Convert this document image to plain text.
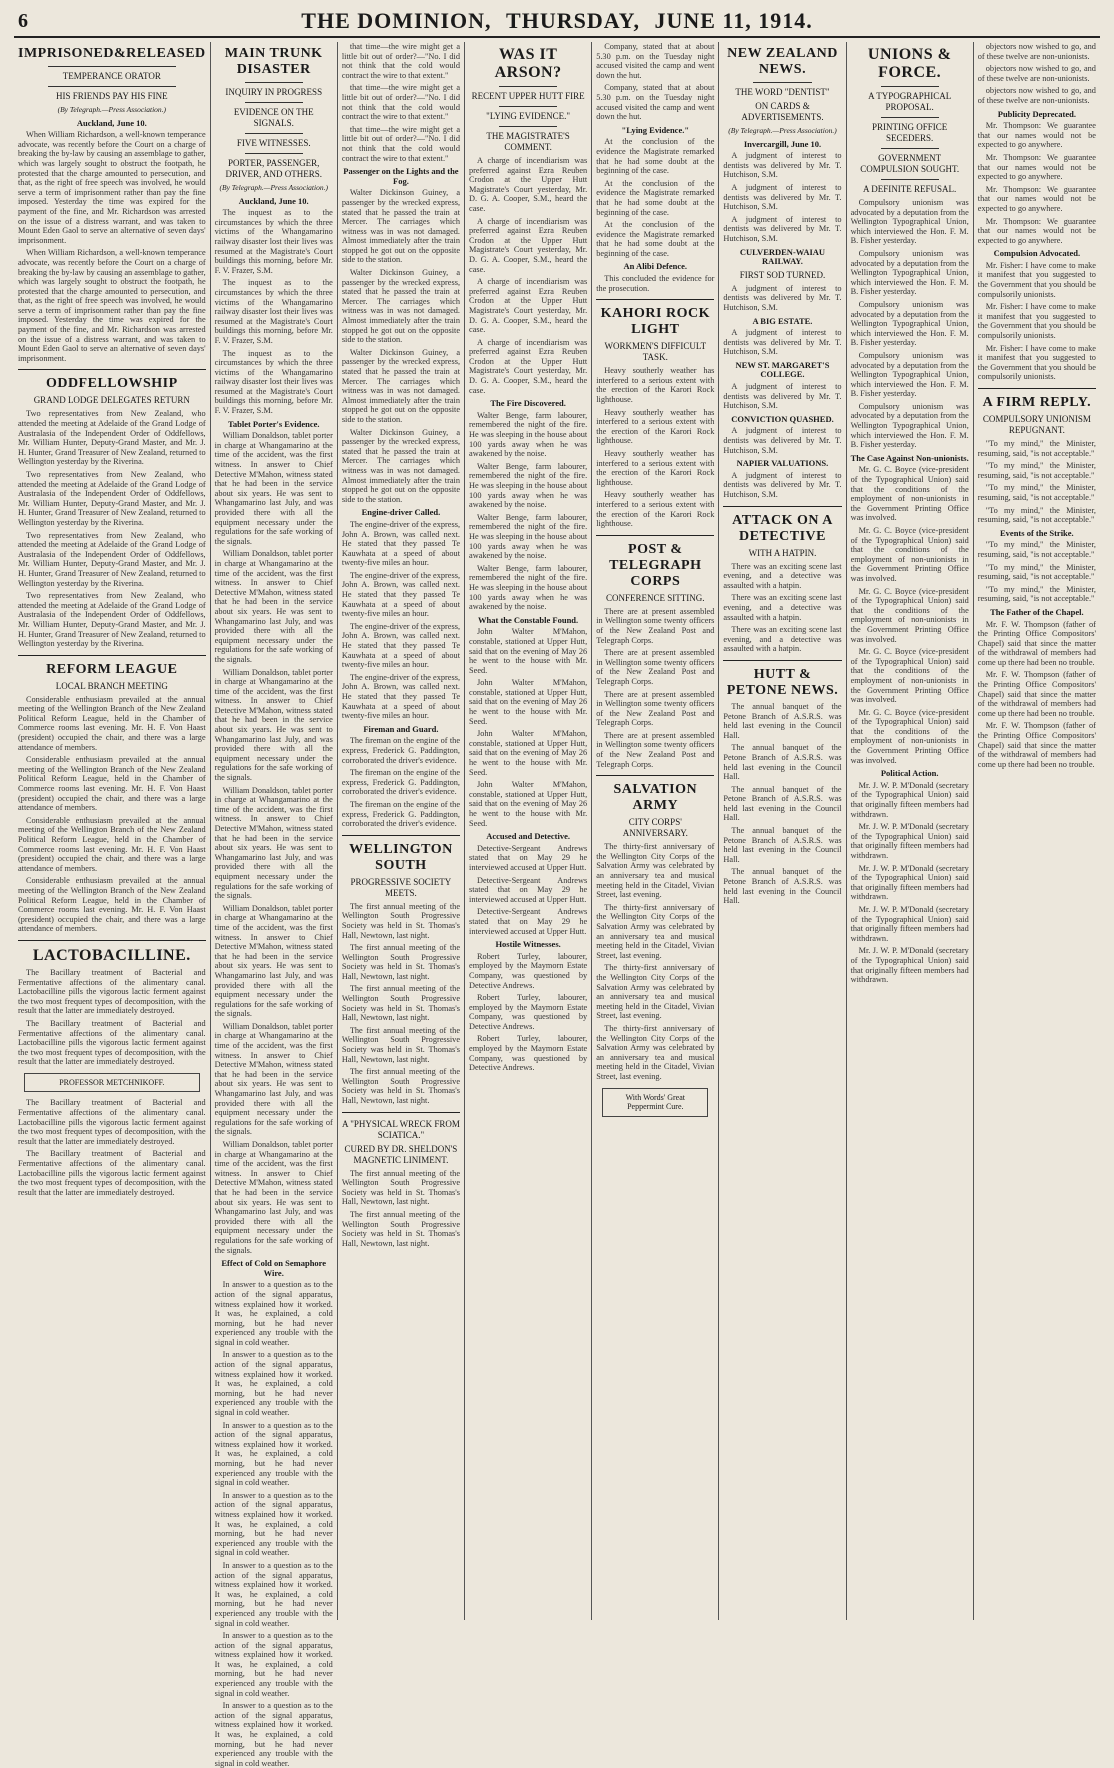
6	THE DOMINION, THURSDAY, JUNE 11, 1914.
IMPRISONED&RELEASED
TEMPERANCE ORATOR
HIS FRIENDS PAY HIS FINE
(By Telegraph.—Press Association.)
Auckland, June 10.

When William Richardson, a well-known temperance advocate, was recently before the Court on a charge of breaking the by-law by causing an assemblage to gather, which was largely sought to obstruct the footpath, he protested that the charge amounted to persecution, and that, as the right of free speech was involved, he would serve a term of imprisonment rather than pay the fine imposed. Yesterday the time was expired for the payment of the fine, and Mr. Richardson was arrested on the issue of a distress warrant, and was taken to Mount Eden Gaol to serve an alternative of seven days' imprisonment.

When William Richardson, a well-known temperance advocate, was recently before the Court on a charge of breaking the by-law by causing an assemblage to gather, which was largely sought to obstruct the footpath, he protested that the charge amounted to persecution, and that, as the right of free speech was involved, he would serve a term of imprisonment rather than pay the fine imposed. Yesterday the time was expired for the payment of the fine, and Mr. Richardson was arrested on the issue of a distress warrant, and was taken to Mount Eden Gaol to serve an alternative of seven days' imprisonment.

ODDFELLOWSHIP
GRAND LODGE DELEGATES RETURN

Two representatives from New Zealand, who attended the meeting at Adelaide of the Grand Lodge of Australasia of the Independent Order of Oddfellows, Mr. William Hunter, Deputy-Grand Master, and Mr. J. H. Hunter, Grand Treasurer of New Zealand, returned to Wellington yesterday by the Riverina.

Two representatives from New Zealand, who attended the meeting at Adelaide of the Grand Lodge of Australasia of the Independent Order of Oddfellows, Mr. William Hunter, Deputy-Grand Master, and Mr. J. H. Hunter, Grand Treasurer of New Zealand, returned to Wellington yesterday by the Riverina.

Two representatives from New Zealand, who attended the meeting at Adelaide of the Grand Lodge of Australasia of the Independent Order of Oddfellows, Mr. William Hunter, Deputy-Grand Master, and Mr. J. H. Hunter, Grand Treasurer of New Zealand, returned to Wellington yesterday by the Riverina.

Two representatives from New Zealand, who attended the meeting at Adelaide of the Grand Lodge of Australasia of the Independent Order of Oddfellows, Mr. William Hunter, Deputy-Grand Master, and Mr. J. H. Hunter, Grand Treasurer of New Zealand, returned to Wellington yesterday by the Riverina.

REFORM LEAGUE
LOCAL BRANCH MEETING

Considerable enthusiasm prevailed at the annual meeting of the Wellington Branch of the New Zealand Political Reform League, held in the Chamber of Commerce rooms last evening. Mr. H. F. Von Haast (president) occupied the chair, and there was a large attendance of members.

Considerable enthusiasm prevailed at the annual meeting of the Wellington Branch of the New Zealand Political Reform League, held in the Chamber of Commerce rooms last evening. Mr. H. F. Von Haast (president) occupied the chair, and there was a large attendance of members.

Considerable enthusiasm prevailed at the annual meeting of the Wellington Branch of the New Zealand Political Reform League, held in the Chamber of Commerce rooms last evening. Mr. H. F. Von Haast (president) occupied the chair, and there was a large attendance of members.

Considerable enthusiasm prevailed at the annual meeting of the Wellington Branch of the New Zealand Political Reform League, held in the Chamber of Commerce rooms last evening. Mr. H. F. Von Haast (president) occupied the chair, and there was a large attendance of members.

LACTOBACILLINE.

The Bacillary treatment of Bacterial and Fermentative affections of the alimentary canal. Lactobacilline pills the vigorous lactic ferment against the two most frequent types of decomposition, with the result that the latter are immediately destroyed.

The Bacillary treatment of Bacterial and Fermentative affections of the alimentary canal. Lactobacilline pills the vigorous lactic ferment against the two most frequent types of decomposition, with the result that the latter are immediately destroyed.

PROFESSOR METCHNIKOFF.

The Bacillary treatment of Bacterial and Fermentative affections of the alimentary canal. Lactobacilline pills the vigorous lactic ferment against the two most frequent types of decomposition, with the result that the latter are immediately destroyed.

The Bacillary treatment of Bacterial and Fermentative affections of the alimentary canal. Lactobacilline pills the vigorous lactic ferment against the two most frequent types of decomposition, with the result that the latter are immediately destroyed.

MAIN TRUNK DISASTER
INQUIRY IN PROGRESS
EVIDENCE ON THE SIGNALS.
FIVE WITNESSES.
PORTER, PASSENGER, DRIVER, AND OTHERS.
(By Telegraph.—Press Association.)
Auckland, June 10.

The inquest as to the circumstances by which the three victims of the Whangamarino railway disaster lost their lives was resumed at the Magistrate's Court buildings this morning, before Mr. F. V. Frazer, S.M.

The inquest as to the circumstances by which the three victims of the Whangamarino railway disaster lost their lives was resumed at the Magistrate's Court buildings this morning, before Mr. F. V. Frazer, S.M.

The inquest as to the circumstances by which the three victims of the Whangamarino railway disaster lost their lives was resumed at the Magistrate's Court buildings this morning, before Mr. F. V. Frazer, S.M.

Tablet Porter's Evidence.

William Donaldson, tablet porter in charge at Whangamarino at the time of the accident, was the first witness. In answer to Chief Detective M'Mahon, witness stated that he had been in the service about six years. He was sent to Whangamarino last July, and was provided there with all the equipment necessary under the regulations for the safe working of the signals.

William Donaldson, tablet porter in charge at Whangamarino at the time of the accident, was the first witness. In answer to Chief Detective M'Mahon, witness stated that he had been in the service about six years. He was sent to Whangamarino last July, and was provided there with all the equipment necessary under the regulations for the safe working of the signals.

William Donaldson, tablet porter in charge at Whangamarino at the time of the accident, was the first witness. In answer to Chief Detective M'Mahon, witness stated that he had been in the service about six years. He was sent to Whangamarino last July, and was provided there with all the equipment necessary under the regulations for the safe working of the signals.

William Donaldson, tablet porter in charge at Whangamarino at the time of the accident, was the first witness. In answer to Chief Detective M'Mahon, witness stated that he had been in the service about six years. He was sent to Whangamarino last July, and was provided there with all the equipment necessary under the regulations for the safe working of the signals.

William Donaldson, tablet porter in charge at Whangamarino at the time of the accident, was the first witness. In answer to Chief Detective M'Mahon, witness stated that he had been in the service about six years. He was sent to Whangamarino last July, and was provided there with all the equipment necessary under the regulations for the safe working of the signals.

William Donaldson, tablet porter in charge at Whangamarino at the time of the accident, was the first witness. In answer to Chief Detective M'Mahon, witness stated that he had been in the service about six years. He was sent to Whangamarino last July, and was provided there with all the equipment necessary under the regulations for the safe working of the signals.

William Donaldson, tablet porter in charge at Whangamarino at the time of the accident, was the first witness. In answer to Chief Detective M'Mahon, witness stated that he had been in the service about six years. He was sent to Whangamarino last July, and was provided there with all the equipment necessary under the regulations for the safe working of the signals.

Effect of Cold on Semaphore Wire.

In answer to a question as to the action of the signal apparatus, witness explained how it worked. It was, he explained, a cold morning, but he had never experienced any trouble with the signal in cold weather.

In answer to a question as to the action of the signal apparatus, witness explained how it worked. It was, he explained, a cold morning, but he had never experienced any trouble with the signal in cold weather.

In answer to a question as to the action of the signal apparatus, witness explained how it worked. It was, he explained, a cold morning, but he had never experienced any trouble with the signal in cold weather.

In answer to a question as to the action of the signal apparatus, witness explained how it worked. It was, he explained, a cold morning, but he had never experienced any trouble with the signal in cold weather.

In answer to a question as to the action of the signal apparatus, witness explained how it worked. It was, he explained, a cold morning, but he had never experienced any trouble with the signal in cold weather.

In answer to a question as to the action of the signal apparatus, witness explained how it worked. It was, he explained, a cold morning, but he had never experienced any trouble with the signal in cold weather.

In answer to a question as to the action of the signal apparatus, witness explained how it worked. It was, he explained, a cold morning, but he had never experienced any trouble with the signal in cold weather.

that time—the wire might get a little bit out of order?—"No. I did not think that the cold would contract the wire to that extent."

that time—the wire might get a little bit out of order?—"No. I did not think that the cold would contract the wire to that extent."

that time—the wire might get a little bit out of order?—"No. I did not think that the cold would contract the wire to that extent."

Passenger on the Lights and the Fog.

Walter Dickinson Guiney, a passenger by the wrecked express, stated that he passed the train at Mercer. The carriages which witness was in was not damaged. Almost immediately after the train stopped he got out on the opposite side to the station.

Walter Dickinson Guiney, a passenger by the wrecked express, stated that he passed the train at Mercer. The carriages which witness was in was not damaged. Almost immediately after the train stopped he got out on the opposite side to the station.

Walter Dickinson Guiney, a passenger by the wrecked express, stated that he passed the train at Mercer. The carriages which witness was in was not damaged. Almost immediately after the train stopped he got out on the opposite side to the station.

Walter Dickinson Guiney, a passenger by the wrecked express, stated that he passed the train at Mercer. The carriages which witness was in was not damaged. Almost immediately after the train stopped he got out on the opposite side to the station.

Engine-driver Called.

The engine-driver of the express, John A. Brown, was called next. He stated that they passed Te Kauwhata at a speed of about twenty-five miles an hour.

The engine-driver of the express, John A. Brown, was called next. He stated that they passed Te Kauwhata at a speed of about twenty-five miles an hour.

The engine-driver of the express, John A. Brown, was called next. He stated that they passed Te Kauwhata at a speed of about twenty-five miles an hour.

The engine-driver of the express, John A. Brown, was called next. He stated that they passed Te Kauwhata at a speed of about twenty-five miles an hour.

Fireman and Guard.

The fireman on the engine of the express, Frederick G. Paddington, corroborated the driver's evidence.

The fireman on the engine of the express, Frederick G. Paddington, corroborated the driver's evidence.

The fireman on the engine of the express, Frederick G. Paddington, corroborated the driver's evidence.

WELLINGTON SOUTH
PROGRESSIVE SOCIETY MEETS.

The first annual meeting of the Wellington South Progressive Society was held in St. Thomas's Hall, Newtown, last night.

The first annual meeting of the Wellington South Progressive Society was held in St. Thomas's Hall, Newtown, last night.

The first annual meeting of the Wellington South Progressive Society was held in St. Thomas's Hall, Newtown, last night.

The first annual meeting of the Wellington South Progressive Society was held in St. Thomas's Hall, Newtown, last night.

The first annual meeting of the Wellington South Progressive Society was held in St. Thomas's Hall, Newtown, last night.

A "PHYSICAL WRECK FROM SCIATICA."
CURED BY DR. SHELDON'S MAGNETIC LINIMENT.

The first annual meeting of the Wellington South Progressive Society was held in St. Thomas's Hall, Newtown, last night.

The first annual meeting of the Wellington South Progressive Society was held in St. Thomas's Hall, Newtown, last night.

WAS IT ARSON?
RECENT UPPER HUTT FIRE
"LYING EVIDENCE."
THE MAGISTRATE'S COMMENT.

A charge of incendiarism was preferred against Ezra Reuben Crodon at the Upper Hutt Magistrate's Court yesterday, Mr. D. G. A. Cooper, S.M., heard the case.

A charge of incendiarism was preferred against Ezra Reuben Crodon at the Upper Hutt Magistrate's Court yesterday, Mr. D. G. A. Cooper, S.M., heard the case.

A charge of incendiarism was preferred against Ezra Reuben Crodon at the Upper Hutt Magistrate's Court yesterday, Mr. D. G. A. Cooper, S.M., heard the case.

A charge of incendiarism was preferred against Ezra Reuben Crodon at the Upper Hutt Magistrate's Court yesterday, Mr. D. G. A. Cooper, S.M., heard the case.

The Fire Discovered.

Walter Benge, farm labourer, remembered the night of the fire. He was sleeping in the house about 100 yards away when he was awakened by the noise.

Walter Benge, farm labourer, remembered the night of the fire. He was sleeping in the house about 100 yards away when he was awakened by the noise.

Walter Benge, farm labourer, remembered the night of the fire. He was sleeping in the house about 100 yards away when he was awakened by the noise.

Walter Benge, farm labourer, remembered the night of the fire. He was sleeping in the house about 100 yards away when he was awakened by the noise.

What the Constable Found.

John Walter M'Mahon, constable, stationed at Upper Hutt, said that on the evening of May 26 he went to the house with Mr. Seed.

John Walter M'Mahon, constable, stationed at Upper Hutt, said that on the evening of May 26 he went to the house with Mr. Seed.

John Walter M'Mahon, constable, stationed at Upper Hutt, said that on the evening of May 26 he went to the house with Mr. Seed.

John Walter M'Mahon, constable, stationed at Upper Hutt, said that on the evening of May 26 he went to the house with Mr. Seed.

Accused and Detective.

Detective-Sergeant Andrews stated that on May 29 he interviewed accused at Upper Hutt.

Detective-Sergeant Andrews stated that on May 29 he interviewed accused at Upper Hutt.

Detective-Sergeant Andrews stated that on May 29 he interviewed accused at Upper Hutt.

Hostile Witnesses.

Robert Turley, labourer, employed by the Maymorn Estate Company, was questioned by Detective Andrews.

Robert Turley, labourer, employed by the Maymorn Estate Company, was questioned by Detective Andrews.

Robert Turley, labourer, employed by the Maymorn Estate Company, was questioned by Detective Andrews.

Company, stated that at about 5.30 p.m. on the Tuesday night accused visited the camp and went down the hut.

Company, stated that at about 5.30 p.m. on the Tuesday night accused visited the camp and went down the hut.

"Lying Evidence."

At the conclusion of the evidence the Magistrate remarked that he had some doubt at the beginning of the case.

At the conclusion of the evidence the Magistrate remarked that he had some doubt at the beginning of the case.

At the conclusion of the evidence the Magistrate remarked that he had some doubt at the beginning of the case.

An Alibi Defence.

This concluded the evidence for the prosecution.

KAHORI ROCK LIGHT
WORKMEN'S DIFFICULT TASK.

Heavy southerly weather has interfered to a serious extent with the erection of the Karori Rock lighthouse.

Heavy southerly weather has interfered to a serious extent with the erection of the Karori Rock lighthouse.

Heavy southerly weather has interfered to a serious extent with the erection of the Karori Rock lighthouse.

Heavy southerly weather has interfered to a serious extent with the erection of the Karori Rock lighthouse.

POST & TELEGRAPH CORPS
CONFERENCE SITTING.

There are at present assembled in Wellington some twenty officers of the New Zealand Post and Telegraph Corps.

There are at present assembled in Wellington some twenty officers of the New Zealand Post and Telegraph Corps.

There are at present assembled in Wellington some twenty officers of the New Zealand Post and Telegraph Corps.

There are at present assembled in Wellington some twenty officers of the New Zealand Post and Telegraph Corps.

SALVATION ARMY
CITY CORPS' ANNIVERSARY.

The thirty-first anniversary of the Wellington City Corps of the Salvation Army was celebrated by an anniversary tea and musical meeting held in the Citadel, Vivian Street, last evening.

The thirty-first anniversary of the Wellington City Corps of the Salvation Army was celebrated by an anniversary tea and musical meeting held in the Citadel, Vivian Street, last evening.

The thirty-first anniversary of the Wellington City Corps of the Salvation Army was celebrated by an anniversary tea and musical meeting held in the Citadel, Vivian Street, last evening.

The thirty-first anniversary of the Wellington City Corps of the Salvation Army was celebrated by an anniversary tea and musical meeting held in the Citadel, Vivian Street, last evening.

With Words' Great Peppermint Cure.
NEW ZEALAND NEWS.
THE WORD "DENTIST"
ON CARDS & ADVERTISEMENTS.
(By Telegraph.—Press Association.)
Invercargill, June 10.

A judgment of interest to dentists was delivered by Mr. T. Hutchison, S.M.

A judgment of interest to dentists was delivered by Mr. T. Hutchison, S.M.

A judgment of interest to dentists was delivered by Mr. T. Hutchison, S.M.

CULVERDEN-WAIAU RAILWAY.
FIRST SOD TURNED.

A judgment of interest to dentists was delivered by Mr. T. Hutchison, S.M.

A BIG ESTATE.

A judgment of interest to dentists was delivered by Mr. T. Hutchison, S.M.

NEW ST. MARGARET'S COLLEGE.

A judgment of interest to dentists was delivered by Mr. T. Hutchison, S.M.

CONVICTION QUASHED.

A judgment of interest to dentists was delivered by Mr. T. Hutchison, S.M.

NAPIER VALUATIONS.

A judgment of interest to dentists was delivered by Mr. T. Hutchison, S.M.

ATTACK ON A DETECTIVE
WITH A HATPIN.

There was an exciting scene last evening, and a detective was assaulted with a hatpin.

There was an exciting scene last evening, and a detective was assaulted with a hatpin.

There was an exciting scene last evening, and a detective was assaulted with a hatpin.

HUTT & PETONE NEWS.

The annual banquet of the Petone Branch of A.S.R.S. was held last evening in the Council Hall.

The annual banquet of the Petone Branch of A.S.R.S. was held last evening in the Council Hall.

The annual banquet of the Petone Branch of A.S.R.S. was held last evening in the Council Hall.

The annual banquet of the Petone Branch of A.S.R.S. was held last evening in the Council Hall.

The annual banquet of the Petone Branch of A.S.R.S. was held last evening in the Council Hall.

UNIONS & FORCE.
A TYPOGRAPHICAL PROPOSAL.
PRINTING OFFICE SECEDERS.
GOVERNMENT COMPULSION SOUGHT.
A DEFINITE REFUSAL.

Compulsory unionism was advocated by a deputation from the Wellington Typographical Union, which interviewed the Hon. F. M. B. Fisher yesterday.

Compulsory unionism was advocated by a deputation from the Wellington Typographical Union, which interviewed the Hon. F. M. B. Fisher yesterday.

Compulsory unionism was advocated by a deputation from the Wellington Typographical Union, which interviewed the Hon. F. M. B. Fisher yesterday.

Compulsory unionism was advocated by a deputation from the Wellington Typographical Union, which interviewed the Hon. F. M. B. Fisher yesterday.

Compulsory unionism was advocated by a deputation from the Wellington Typographical Union, which interviewed the Hon. F. M. B. Fisher yesterday.

The Case Against Non-unionists.

Mr. G. C. Boyce (vice-president of the Typographical Union) said that the conditions of the employment of non-unionists in the Government Printing Office was involved.

Mr. G. C. Boyce (vice-president of the Typographical Union) said that the conditions of the employment of non-unionists in the Government Printing Office was involved.

Mr. G. C. Boyce (vice-president of the Typographical Union) said that the conditions of the employment of non-unionists in the Government Printing Office was involved.

Mr. G. C. Boyce (vice-president of the Typographical Union) said that the conditions of the employment of non-unionists in the Government Printing Office was involved.

Mr. G. C. Boyce (vice-president of the Typographical Union) said that the conditions of the employment of non-unionists in the Government Printing Office was involved.

Political Action.

Mr. J. W. P. M'Donald (secretary of the Typographical Union) said that originally fifteen members had withdrawn.

Mr. J. W. P. M'Donald (secretary of the Typographical Union) said that originally fifteen members had withdrawn.

Mr. J. W. P. M'Donald (secretary of the Typographical Union) said that originally fifteen members had withdrawn.

Mr. J. W. P. M'Donald (secretary of the Typographical Union) said that originally fifteen members had withdrawn.

Mr. J. W. P. M'Donald (secretary of the Typographical Union) said that originally fifteen members had withdrawn.

objectors now wished to go, and of these twelve are non-unionists.

objectors now wished to go, and of these twelve are non-unionists.

objectors now wished to go, and of these twelve are non-unionists.

Publicity Deprecated.

Mr. Thompson: We guarantee that our names would not be expected to go anywhere.

Mr. Thompson: We guarantee that our names would not be expected to go anywhere.

Mr. Thompson: We guarantee that our names would not be expected to go anywhere.

Mr. Thompson: We guarantee that our names would not be expected to go anywhere.

Compulsion Advocated.

Mr. Fisher: I have come to make it manifest that you suggested to the Government that you should be compulsorily unionists.

Mr. Fisher: I have come to make it manifest that you suggested to the Government that you should be compulsorily unionists.

Mr. Fisher: I have come to make it manifest that you suggested to the Government that you should be compulsorily unionists.

A FIRM REPLY.
COMPULSORY UNIONISM REPUGNANT.

"To my mind," the Minister, resuming, said, "is not acceptable."

"To my mind," the Minister, resuming, said, "is not acceptable."

"To my mind," the Minister, resuming, said, "is not acceptable."

"To my mind," the Minister, resuming, said, "is not acceptable."

Events of the Strike.

"To my mind," the Minister, resuming, said, "is not acceptable."

"To my mind," the Minister, resuming, said, "is not acceptable."

"To my mind," the Minister, resuming, said, "is not acceptable."

The Father of the Chapel.

Mr. F. W. Thompson (father of the Printing Office Compositors' Chapel) said that since the matter of the withdrawal of members had come up there had been no trouble.

Mr. F. W. Thompson (father of the Printing Office Compositors' Chapel) said that since the matter of the withdrawal of members had come up there had been no trouble.

Mr. F. W. Thompson (father of the Printing Office Compositors' Chapel) said that since the matter of the withdrawal of members had come up there had been no trouble.
